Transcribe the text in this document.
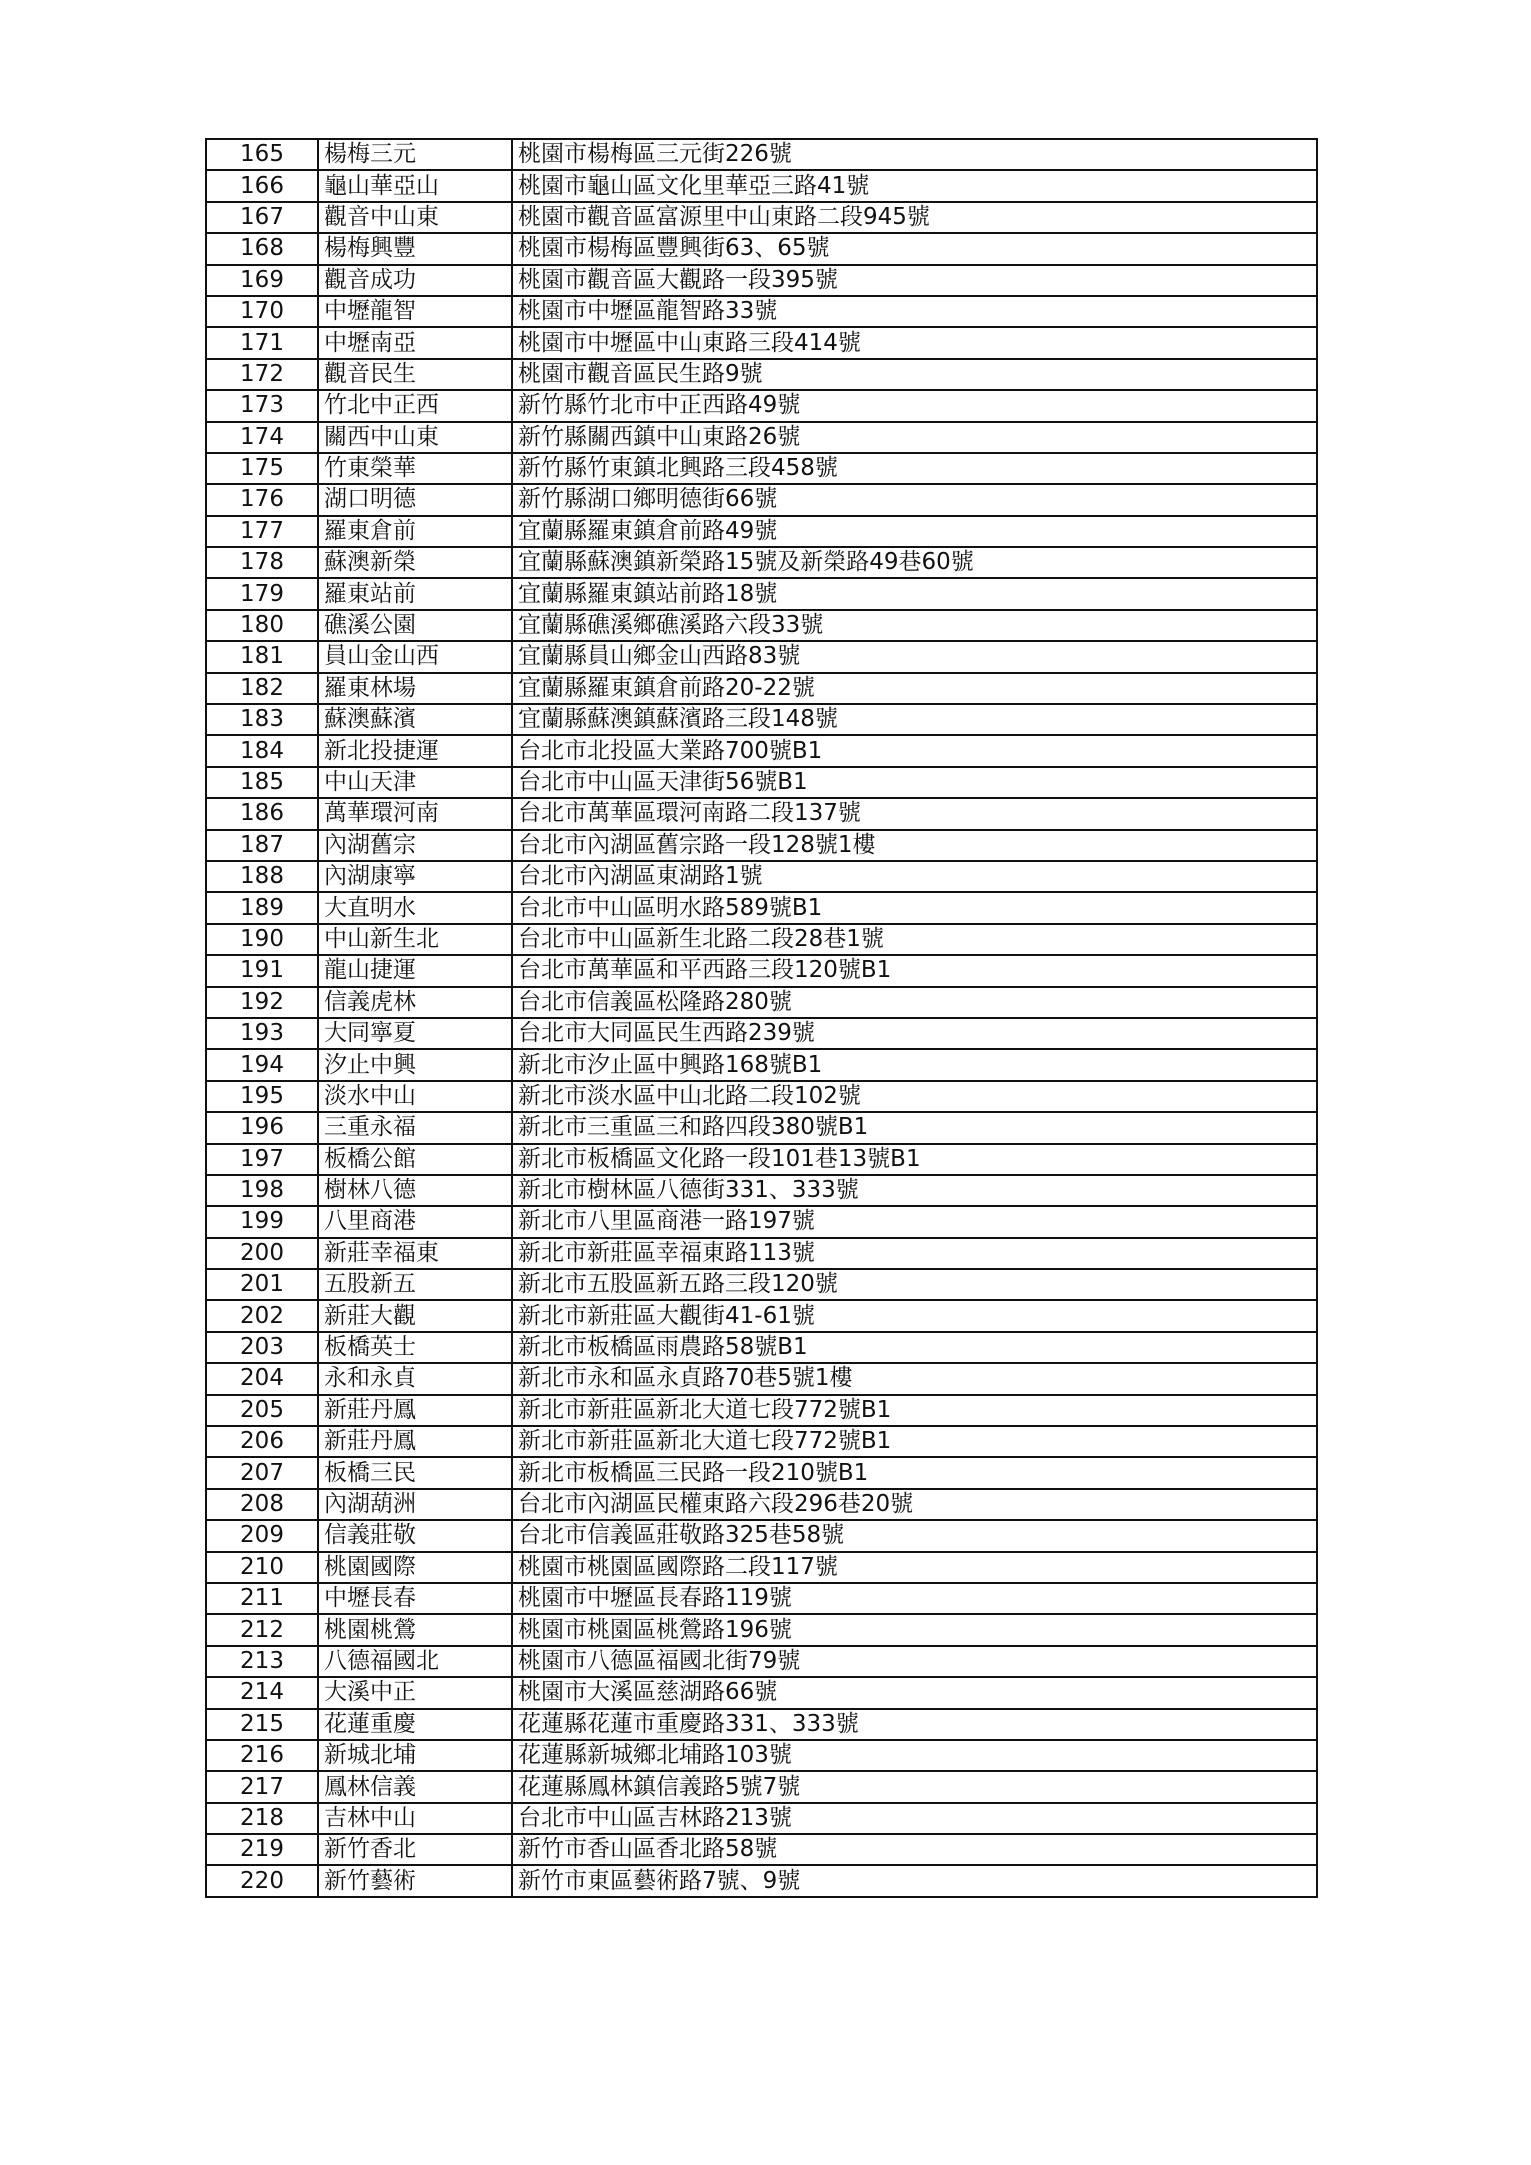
165	楊梅三元	桃園市楊梅區三元街226號
166	龜山華亞山	桃園市龜山區文化里華亞三路41號
167	觀音中山東	桃園市觀音區富源里中山東路二段945號
168	楊梅興豐	桃園市楊梅區豐興街63、65號
169	觀音成功	桃園市觀音區大觀路一段395號
170	中壢龍智	桃園市中壢區龍智路33號
171	中壢南亞	桃園市中壢區中山東路三段414號
172	觀音民生	桃園市觀音區民生路9號
173	竹北中正西	新竹縣竹北市中正西路49號
174	關西中山東	新竹縣關西鎮中山東路26號
175	竹東榮華	新竹縣竹東鎮北興路三段458號
176	湖口明德	新竹縣湖口鄉明德街66號
177	羅東倉前	宜蘭縣羅東鎮倉前路49號
178	蘇澳新榮	宜蘭縣蘇澳鎮新榮路15號及新榮路49巷60號
179	羅東站前	宜蘭縣羅東鎮站前路18號
180	礁溪公園	宜蘭縣礁溪鄉礁溪路六段33號
181	員山金山西	宜蘭縣員山鄉金山西路83號
182	羅東林場	宜蘭縣羅東鎮倉前路20-22號
183	蘇澳蘇濱	宜蘭縣蘇澳鎮蘇濱路三段148號
184	新北投捷運	台北市北投區大業路700號B1
185	中山天津	台北市中山區天津街56號B1
186	萬華環河南	台北市萬華區環河南路二段137號
187	內湖舊宗	台北市內湖區舊宗路一段128號1樓
188	內湖康寧	台北市內湖區東湖路1號
189	大直明水	台北市中山區明水路589號B1
190	中山新生北	台北市中山區新生北路二段28巷1號
191	龍山捷運	台北市萬華區和平西路三段120號B1
192	信義虎林	台北市信義區松隆路280號
193	大同寧夏	台北市大同區民生西路239號
194	汐止中興	新北市汐止區中興路168號B1
195	淡水中山	新北市淡水區中山北路二段102號
196	三重永福	新北市三重區三和路四段380號B1
197	板橋公館	新北市板橋區文化路一段101巷13號B1
198	樹林八德	新北市樹林區八德街331、333號
199	八里商港	新北市八里區商港一路197號
200	新莊幸福東	新北市新莊區幸福東路113號
201	五股新五	新北市五股區新五路三段120號
202	新莊大觀	新北市新莊區大觀街41-61號
203	板橋英士	新北市板橋區雨農路58號B1
204	永和永貞	新北市永和區永貞路70巷5號1樓
205	新莊丹鳳	新北市新莊區新北大道七段772號B1
206	新莊丹鳳	新北市新莊區新北大道七段772號B1
207	板橋三民	新北市板橋區三民路一段210號B1
208	內湖葫洲	台北市內湖區民權東路六段296巷20號
209	信義莊敬	台北市信義區莊敬路325巷58號
210	桃園國際	桃園市桃園區國際路二段117號
211	中壢長春	桃園市中壢區長春路119號
212	桃園桃鶯	桃園市桃園區桃鶯路196號
213	八德福國北	桃園市八德區福國北街79號
214	大溪中正	桃園市大溪區慈湖路66號
215	花蓮重慶	花蓮縣花蓮市重慶路331、333號
216	新城北埔	花蓮縣新城鄉北埔路103號
217	鳳林信義	花蓮縣鳳林鎮信義路5號7號
218	吉林中山	台北市中山區吉林路213號
219	新竹香北	新竹市香山區香北路58號
220	新竹藝術	新竹市東區藝術路7號、9號
